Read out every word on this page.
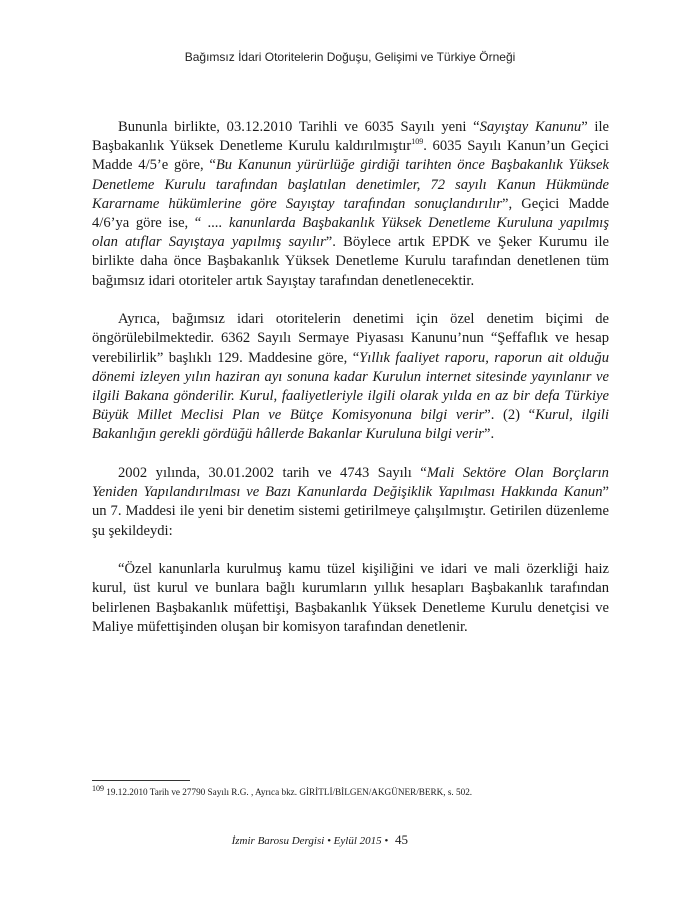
Bağımsız İdari Otoritelerin Doğuşu, Gelişimi ve Türkiye Örneği

Bununla birlikte, 03.12.2010 Tarihli ve 6035 Sayılı yeni “Sayıştay Kanunu” ile Başbakanlık Yüksek Denetleme Kurulu kaldırılmıştır$^{109}$. 6035 Sayılı Kanun’un Geçici Madde 4/5’e göre, “Bu Kanunun yürürlüğe girdiği tarihten önce Başbakanlık Yüksek Denetleme Kurulu tarafından başlatılan denetimler, 72 sayılı Kanun Hükmünde Kararname hükümlerine göre Sayıştay tarafından sonuçlandırılır”, Geçici Madde 4/6’ya göre ise, “ .... kanunlarda Başbakanlık Yüksek Denetleme Kuruluna yapılmış olan atıflar Sayıştaya yapılmış sayılır”. Böylece artık EPDK ve Şeker Kurumu ile birlikte daha önce Başbakanlık Yüksek Denetleme Kurulu tarafından denetlenen tüm bağımsız idari otoriteler artık Sayıştay tarafından denetlenecektir.

Ayrıca, bağımsız idari otoritelerin denetimi için özel denetim biçimi de öngörülebilmektedir. 6362 Sayılı Sermaye Piyasası Kanunu’nun “Şeffaflık ve hesap verebilirlik” başlıklı 129. Maddesine göre, “Yıllık faaliyet raporu, raporun ait olduğu dönemi izleyen yılın haziran ayı sonuna kadar Kurulun internet sitesinde yayınlanır ve ilgili Bakana gönderilir. Kurul, faaliyetleriyle ilgili olarak yılda en az bir defa Türkiye Büyük Millet Meclisi Plan ve Bütçe Komisyonuna bilgi verir”. (2) “Kurul, ilgili Bakanlığın gerekli gördüğü hâllerde Bakanlar Kuruluna bilgi verir”.

2002 yılında, 30.01.2002 tarih ve 4743 Sayılı “Mali Sektöre Olan Borçların Yeniden Yapılandırılması ve Bazı Kanunlarda Değişiklik Yapılması Hakkında Kanun” un 7. Maddesi ile yeni bir denetim sistemi getirilmeye çalışılmıştır. Getirilen düzenleme şu şekildeydi:

“Özel kanunlarla kurulmuş kamu tüzel kişiliğini ve idari ve mali özerkliği haiz kurul, üst kurul ve bunlara bağlı kurumların yıllık hesapları Başbakanlık tarafından belirlenen Başbakanlık müfettişi, Başbakanlık Yüksek Denetleme Kurulu denetçisi ve Maliye müfettişinden oluşan bir komisyon tarafından denetlenir.

$^{109}$ 19.12.2010 Tarih ve 27790 Sayılı R.G. , Ayrıca bkz. GİRİTLİ/BİLGEN/AKGÜNER/BERK, s. 502.
İzmir Barosu Dergisi • Eylül 2015 • 45
